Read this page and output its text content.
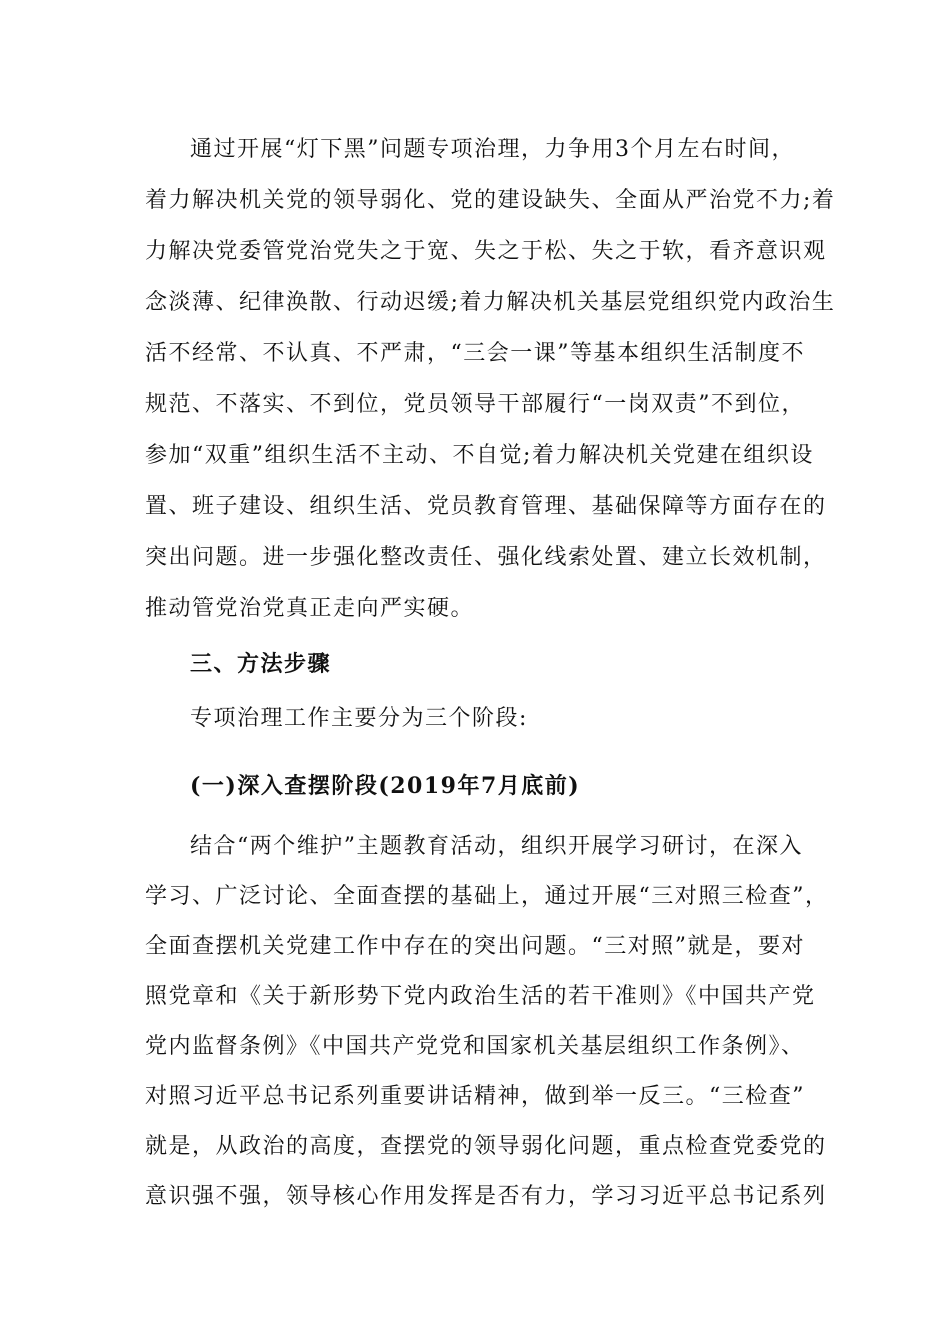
通过开展“灯下黑”问题专项治理，力争用3个月左右时间，
着力解决机关党的领导弱化、党的建设缺失、全面从严治党不力;着
力解决党委管党治党失之于宽、失之于松、失之于软，看齐意识观
念淡薄、纪律涣散、行动迟缓;着力解决机关基层党组织党内政治生
活不经常、不认真、不严肃，“三会一课”等基本组织生活制度不
规范、不落实、不到位，党员领导干部履行“一岗双责”不到位，
参加“双重”组织生活不主动、不自觉;着力解决机关党建在组织设
置、班子建设、组织生活、党员教育管理、基础保障等方面存在的
突出问题。进一步强化整改责任、强化线索处置、建立长效机制，
推动管党治党真正走向严实硬。
三、方法步骤
专项治理工作主要分为三个阶段:
(一)深入查摆阶段(2019年7月底前)
结合“两个维护”主题教育活动，组织开展学习研讨，在深入
学习、广泛讨论、全面查摆的基础上，通过开展“三对照三检查”，
全面查摆机关党建工作中存在的突出问题。“三对照”就是，要对
照党章和《关于新形势下党内政治生活的若干准则》《中国共产党
党内监督条例》《中国共产党党和国家机关基层组织工作条例》、
对照习近平总书记系列重要讲话精神，做到举一反三。“三检查”
就是，从政治的高度，查摆党的领导弱化问题，重点检查党委党的
意识强不强，领导核心作用发挥是否有力，学习习近平总书记系列
